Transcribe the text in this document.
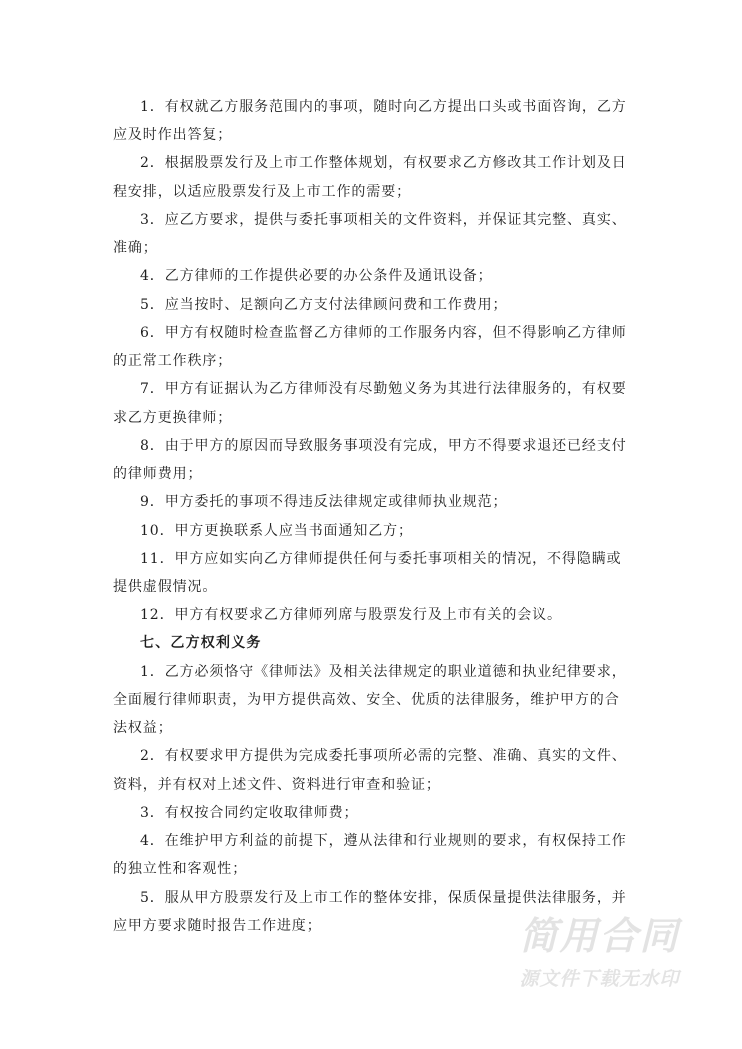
1．有权就乙方服务范围内的事项，随时向乙方提出口头或书面咨询，乙方
应及时作出答复；
2．根据股票发行及上市工作整体规划，有权要求乙方修改其工作计划及日
程安排，以适应股票发行及上市工作的需要；
3．应乙方要求，提供与委托事项相关的文件资料，并保证其完整、真实、
准确；
4．乙方律师的工作提供必要的办公条件及通讯设备；
5．应当按时、足额向乙方支付法律顾问费和工作费用；
6．甲方有权随时检查监督乙方律师的工作服务内容，但不得影响乙方律师
的正常工作秩序；
7．甲方有证据认为乙方律师没有尽勤勉义务为其进行法律服务的，有权要
求乙方更换律师；
8．由于甲方的原因而导致服务事项没有完成，甲方不得要求退还已经支付
的律师费用；
9．甲方委托的事项不得违反法律规定或律师执业规范；
10．甲方更换联系人应当书面通知乙方；
11．甲方应如实向乙方律师提供任何与委托事项相关的情况，不得隐瞒或
提供虚假情况。
12．甲方有权要求乙方律师列席与股票发行及上市有关的会议。
七、乙方权利义务
1．乙方必须恪守《律师法》及相关法律规定的职业道德和执业纪律要求，
全面履行律师职责，为甲方提供高效、安全、优质的法律服务，维护甲方的合
法权益；
2．有权要求甲方提供为完成委托事项所必需的完整、准确、真实的文件、
资料，并有权对上述文件、资料进行审查和验证；
3．有权按合同约定收取律师费；
4．在维护甲方利益的前提下，遵从法律和行业规则的要求，有权保持工作
的独立性和客观性；
5．服从甲方股票发行及上市工作的整体安排，保质保量提供法律服务，并
应甲方要求随时报告工作进度；	简用合同
源文件下载无水印
